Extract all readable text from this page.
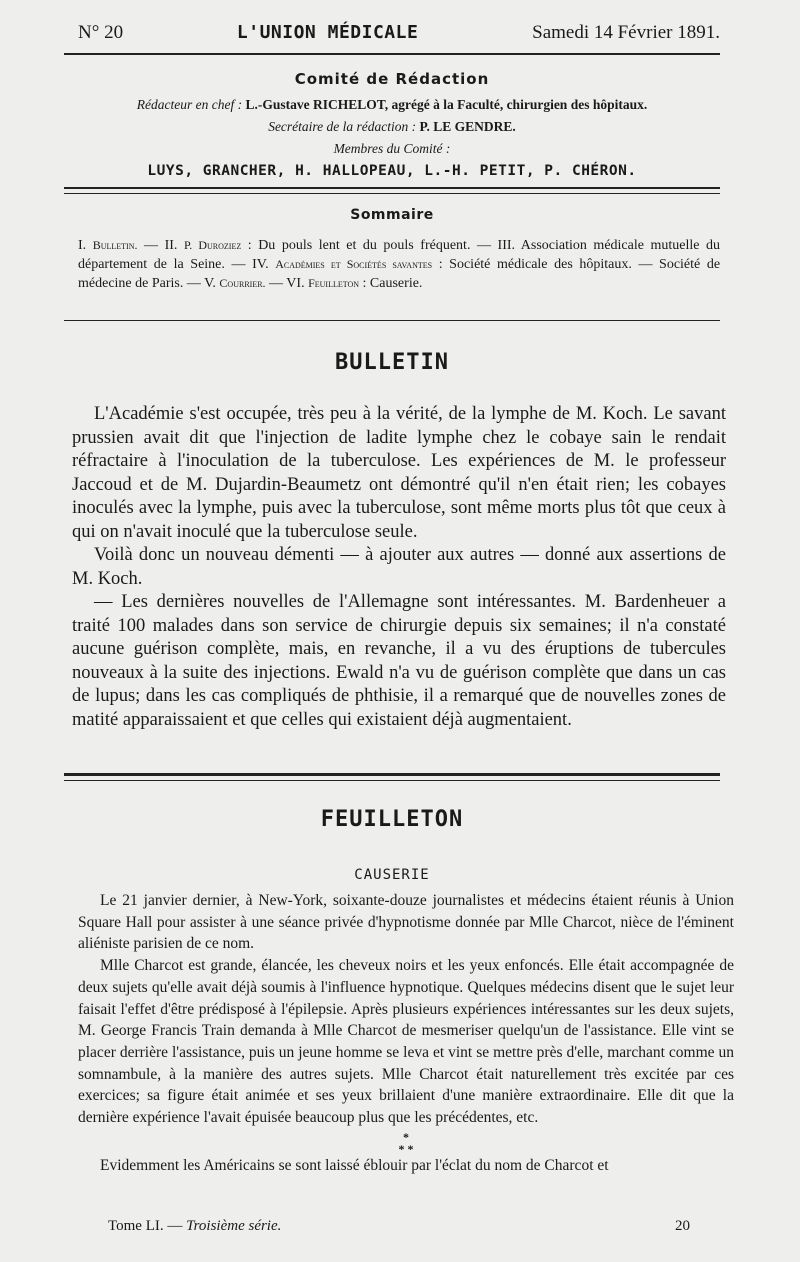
N° 20	L'UNION MÉDICALE	Samedi 14 Février 1891.
Comité de Rédaction
Rédacteur en chef : L.-Gustave RICHELOT, agrégé à la Faculté, chirurgien des hôpitaux.
Secrétaire de la rédaction : P. LE GENDRE.
Membres du Comité :
LUYS, GRANCHER, H. HALLOPEAU, L.-H. PETIT, P. CHÉRON.
Sommaire
I. Bulletin. — II. P. Duroziez : Du pouls lent et du pouls fréquent. — III. Association médicale mutuelle du département de la Seine. — IV. Académies et Sociétés savantes : Société médicale des hôpitaux. — Société de médecine de Paris. — V. Courrier. — VI. Feuilleton : Causerie.
BULLETIN

L'Académie s'est occupée, très peu à la vérité, de la lymphe de M. Koch. Le savant prussien avait dit que l'injection de ladite lymphe chez le cobaye sain le rendait réfractaire à l'inoculation de la tuberculose. Les expériences de M. le professeur Jaccoud et de M. Dujardin-Beaumetz ont démontré qu'il n'en était rien; les cobayes inoculés avec la lymphe, puis avec la tuberculose, sont même morts plus tôt que ceux à qui on n'avait inoculé que la tuberculose seule.

Voilà donc un nouveau démenti — à ajouter aux autres — donné aux assertions de M. Koch.

— Les dernières nouvelles de l'Allemagne sont intéressantes. M. Bardenheuer a traité 100 malades dans son service de chirurgie depuis six semaines; il n'a constaté aucune guérison complète, mais, en revanche, il a vu des éruptions de tubercules nouveaux à la suite des injections. Ewald n'a vu de guérison complète que dans un cas de lupus; dans les cas compliqués de phthisie, il a remarqué que de nouvelles zones de matité apparaissaient et que celles qui existaient déjà augmentaient.

FEUILLETON
CAUSERIE

Le 21 janvier dernier, à New-York, soixante-douze journalistes et médecins étaient réunis à Union Square Hall pour assister à une séance privée d'hypnotisme donnée par Mlle Charcot, nièce de l'éminent aliéniste parisien de ce nom.

Mlle Charcot est grande, élancée, les cheveux noirs et les yeux enfoncés. Elle était accompagnée de deux sujets qu'elle avait déjà soumis à l'influence hypnotique. Quelques médecins disent que le sujet leur faisait l'effet d'être prédisposé à l'épilepsie. Après plusieurs expériences intéressantes sur les deux sujets, M. George Francis Train demanda à Mlle Charcot de mesmeriser quelqu'un de l'assistance. Elle vint se placer derrière l'assistance, puis un jeune homme se leva et vint se mettre près d'elle, marchant comme un somnambule, à la manière des autres sujets. Mlle Charcot était naturellement très excitée par ces exercices; sa figure était animée et ses yeux brillaient d'une manière extraordinaire. Elle dit que la dernière expérience l'avait épuisée beaucoup plus que les précédentes, etc.

*
* *

Evidemment les Américains se sont laissé éblouir par l'éclat du nom de Charcot et

Tome LI. — Troisième série.	20
